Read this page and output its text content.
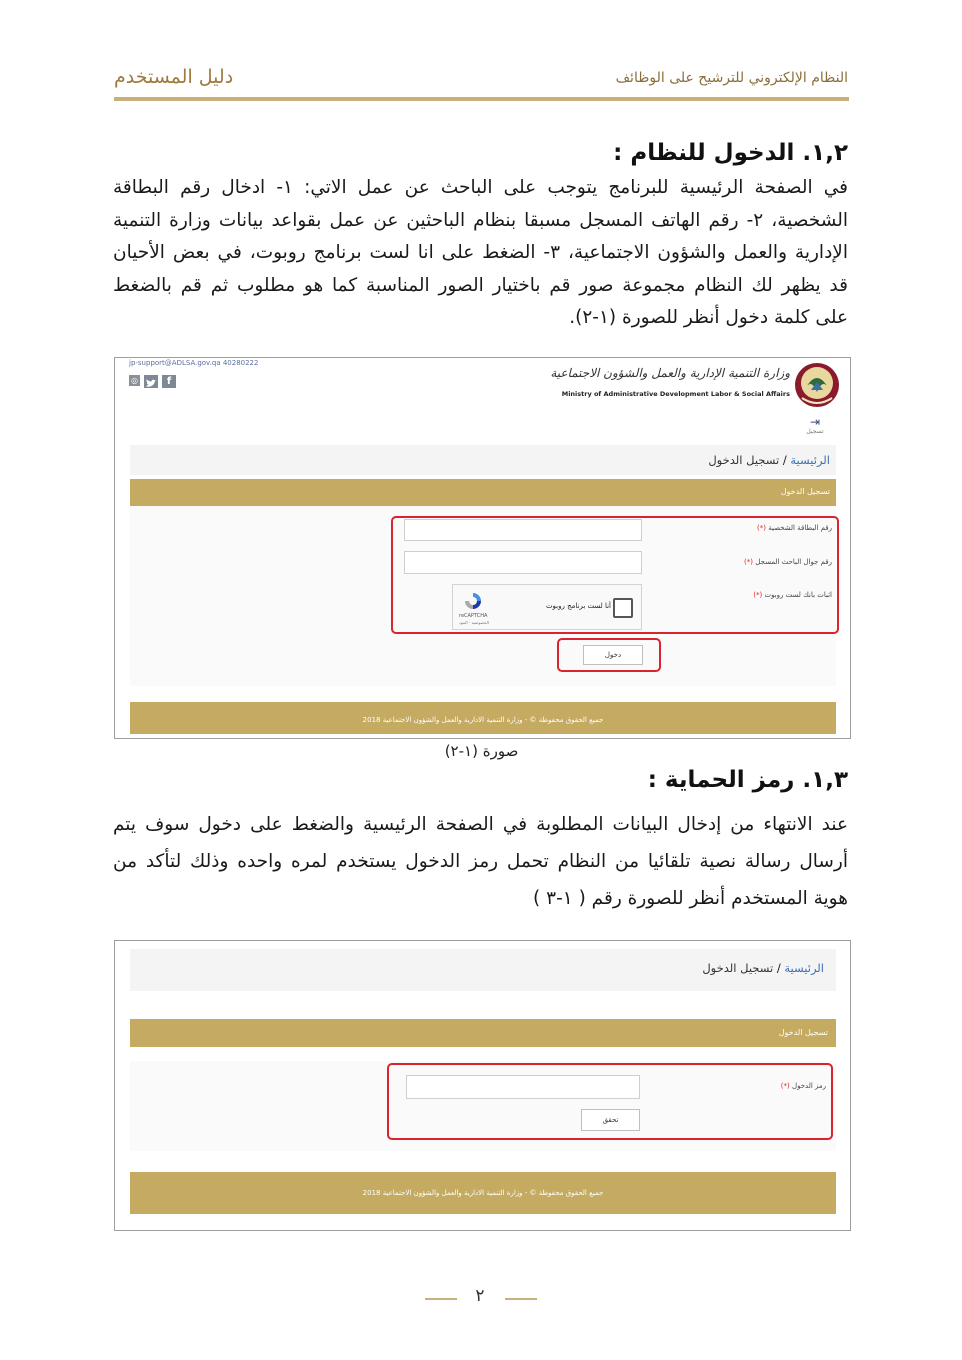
النظام الإلكتروني للترشيح على الوظائف
دليل المستخدم
١,٢. الدخول للنظام :
في الصفحة الرئيسية للبرنامج يتوجب على الباحث عن عمل الاتي: ١- ادخال رقم البطاقة
الشخصية، ٢- رقم الهاتف المسجل مسبقا بنظام الباحثين عن عمل بقواعد بيانات وزارة التنمية
الإدارية والعمل والشؤون الاجتماعية، ٣- الضغط على انا لست برنامج روبوت، في بعض الأحيان
قد يظهر لك النظام مجموعة صور قم باختيار الصور المناسبة كما هو مطلوب ثم قم بالضغط
على كلمة دخول أنظر للصورة (١-٢).
jp-support@ADLSA.gov.qa 40280222
◎	f
وزارة التنمية الإدارية والعمل والشؤون الاجتماعية
Ministry of Administrative Development Labor & Social Affairs
⇥
تسجيل
الرئيسية / تسجيل الدخول
تسجيل الدخول
رقم البطاقة الشخصية (*)
رقم جوال الباحث المسجل (*)
اثبات بانك لست روبوت (*)
أنا لست برنامج روبوت
reCAPTCHA
الخصوصية - البنود
دخول
جميع الحقوق محفوظة © - وزارة التنمية الادارية والعمل والشؤون الاجتماعية 2018
صورة (١-٢)
١,٣. رمز الحماية :
عند الانتهاء من إدخال البيانات المطلوبة في الصفحة الرئيسية والضغط على دخول سوف يتم
أرسال رسالة نصية تلقائيا من النظام تحمل رمز الدخول يستخدم لمره واحده وذلك لتأكد من
هوية المستخدم أنظر للصورة رقم ( ١-٣ )
الرئيسية / تسجيل الدخول
تسجيل الدخول
رمز الدخول (*)
تحقق
جميع الحقوق محفوظة © - وزارة التنمية الادارية والعمل والشؤون الاجتماعية 2018
٢
